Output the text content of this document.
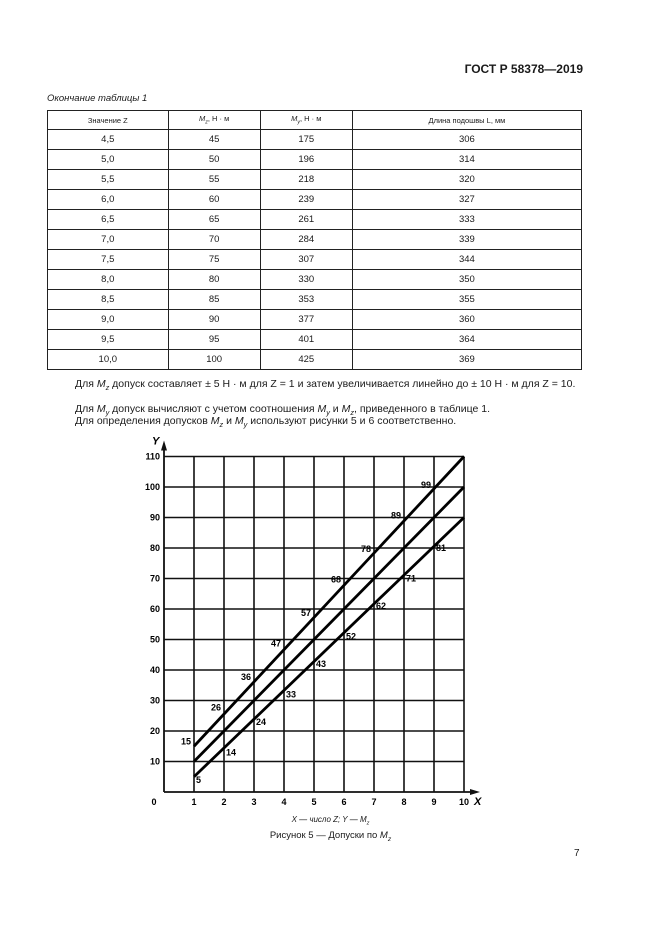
ГОСТ Р 58378—2019
Окончание таблицы 1
Значение Z	$M_z$, Н · м	$M_y$, Н · м	Длина подошвы L, мм
4,5	45	175	306
5,0	50	196	314
5,5	55	218	320
6,0	60	239	327
6,5	65	261	333
7,0	70	284	339
7,5	75	307	344
8,0	80	330	350
8,5	85	353	355
9,0	90	377	360
9,5	95	401	364
10,0	100	425	369
Для $M_z$ допуск составляет ± 5 Н · м для Z = 1 и затем увеличивается линейно до ± 10 Н · м для Z = 10.
Для $M_y$ допуск вычисляют с учетом соотношения $M_y$ и $M_z$, приведенного в таблице 1.
Для определения допусков $M_z$ и $M_y$ используют рисунки 5 и 6 соответственно.
0	1	2	3	4	5	6	7	8	9 10
10
20
30
40
50
60
70
80
90
100
110
Y
X
15
26
36
47
57
68
78
89
99
5
14
24
33
43
52
62
71
81
X — число Z; Y — $M_z$
Рисунок 5 — Допуски по $M_z$
7
